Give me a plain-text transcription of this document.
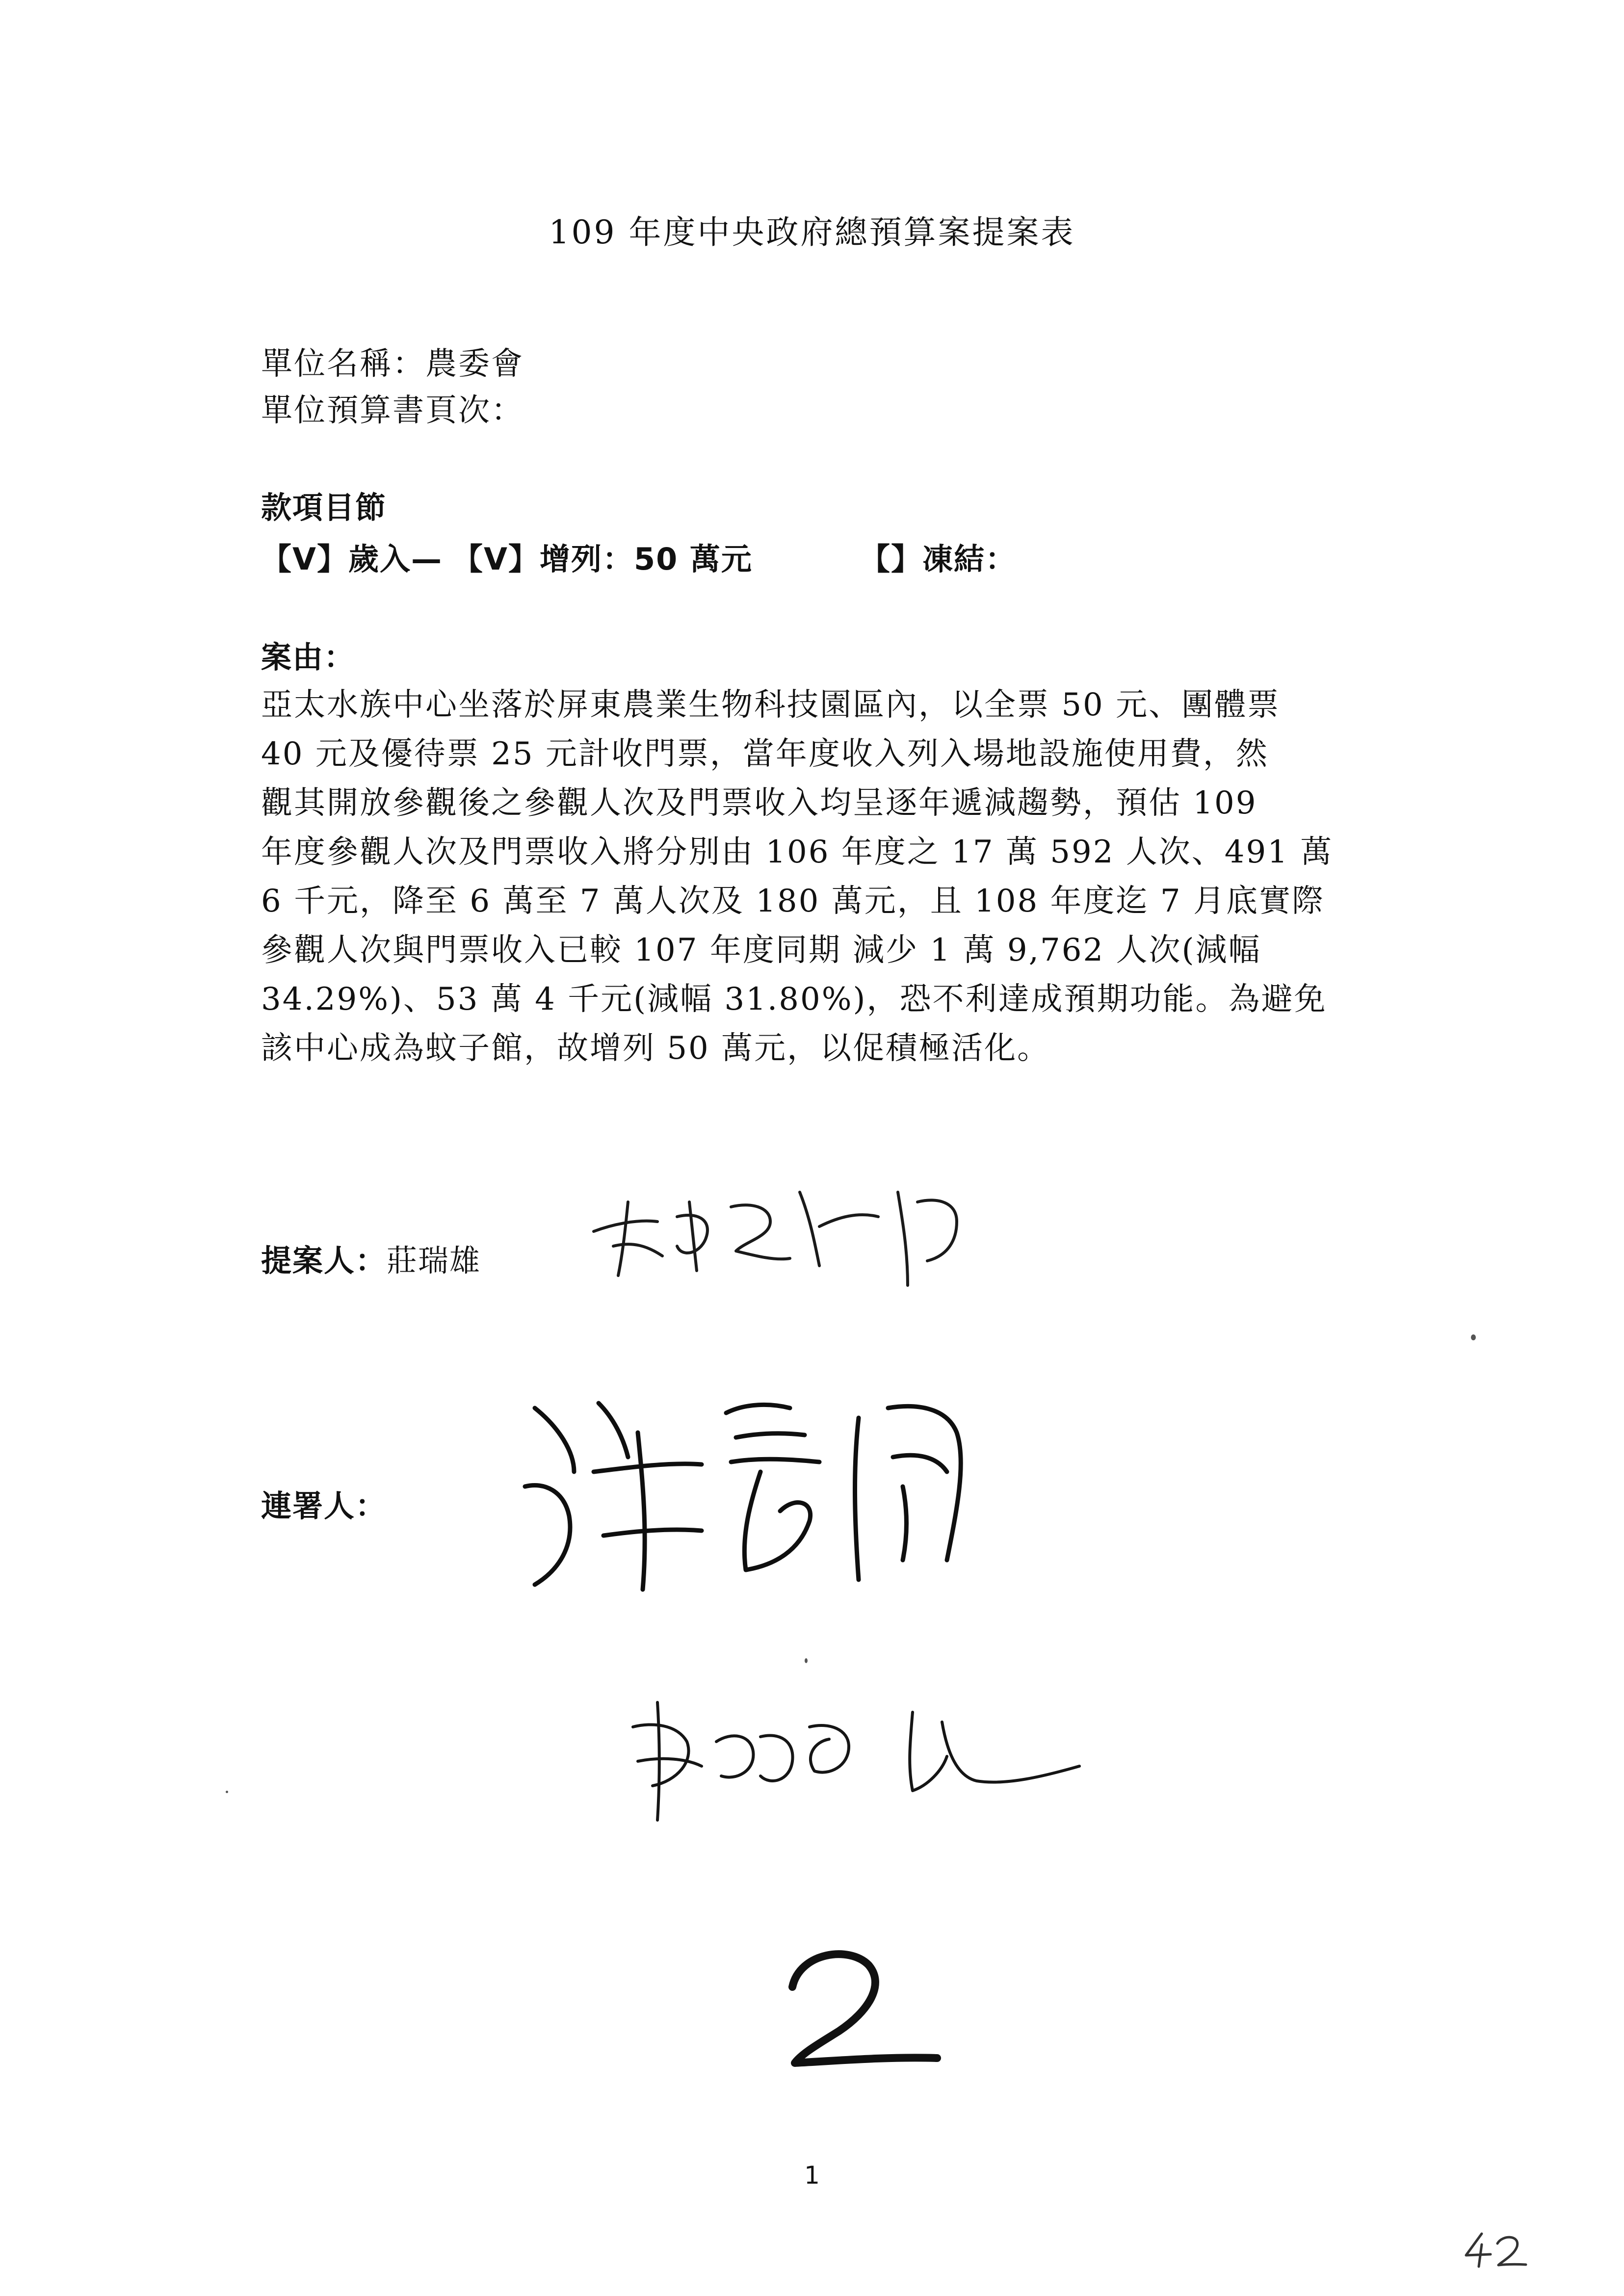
109 年度中央政府總預算案提案表
單位名稱：農委會
單位預算書頁次：
款項目節
【V】歲入— 【V】增列：50 萬元	【】凍結：
案由：
亞太水族中心坐落於屏東農業生物科技園區內，以全票 50 元、團體票
40 元及優待票 25 元計收門票，當年度收入列入場地設施使用費，然
觀其開放參觀後之參觀人次及門票收入均呈逐年遞減趨勢，預估 109
年度參觀人次及門票收入將分別由 106 年度之 17 萬 592 人次、491 萬
6 千元，降至 6 萬至 7 萬人次及 180 萬元，且 108 年度迄 7 月底實際
參觀人次與門票收入已較 107 年度同期 減少 1 萬 9,762 人次(減幅
34.29%)、53 萬 4 千元(減幅 31.80%)，恐不利達成預期功能。為避免
該中心成為蚊子館，故增列 50 萬元，以促積極活化。
提案人：莊瑞雄
連署人：
1
